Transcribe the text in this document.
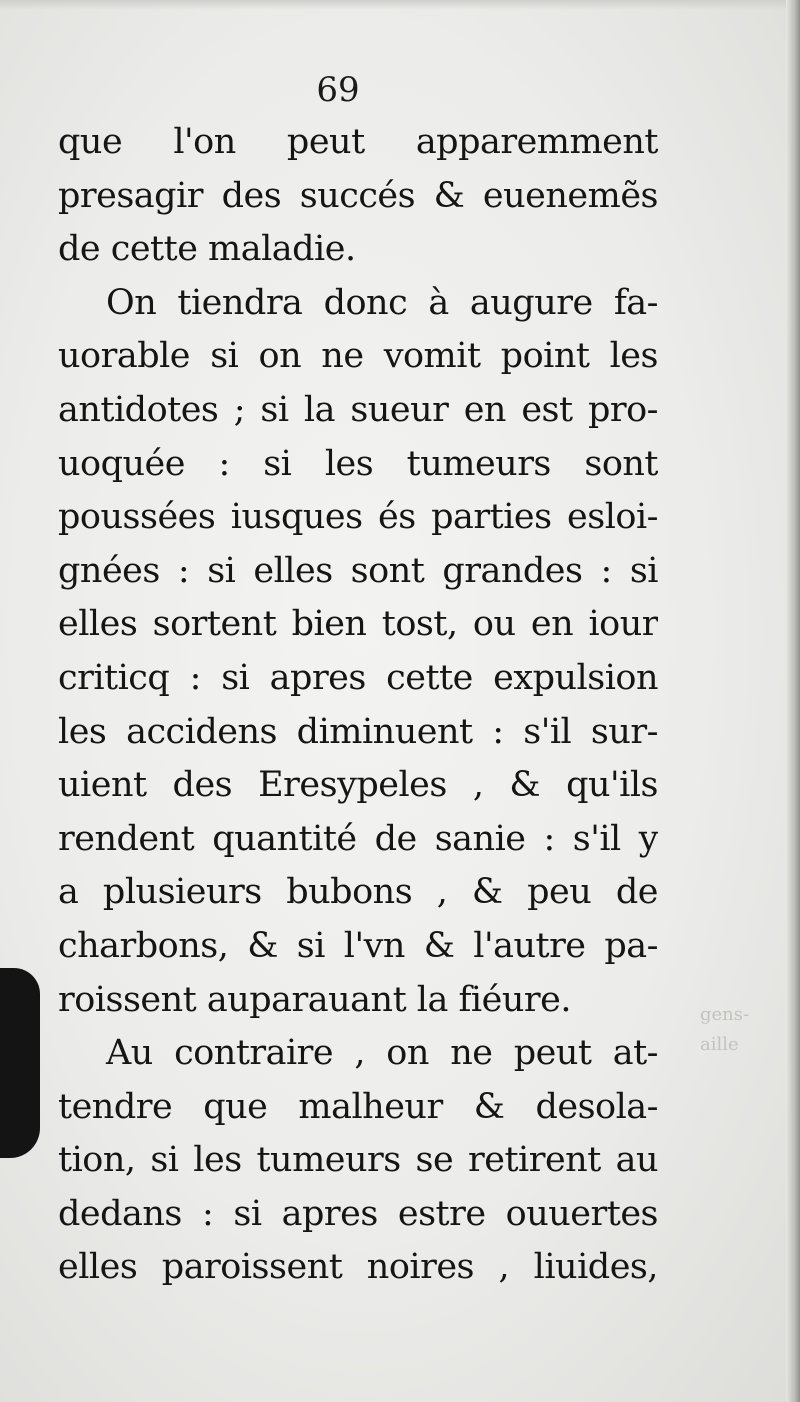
gens-
aille
69
que l'on peut apparemment
presagir des succés & euenemẽs
de cette maladie.
On tiendra donc à augure fa-
uorable si on ne vomit point les
antidotes ; si la sueur en est pro-
uoquée : si les tumeurs sont
poussées iusques és parties esloi-
gnées : si elles sont grandes : si
elles sortent bien tost, ou en iour
criticq : si apres cette expulsion
les accidens diminuent : s'il sur-
uient des Eresypeles , & qu'ils
rendent quantité de sanie : s'il y
a plusieurs bubons , & peu de
charbons, & si l'vn & l'autre pa-
roissent auparauant la fiéure.
Au contraire , on ne peut at-
tendre que malheur & desola-
tion, si les tumeurs se retirent au
dedans : si apres estre ouuertes
elles paroissent noires , liuides,
